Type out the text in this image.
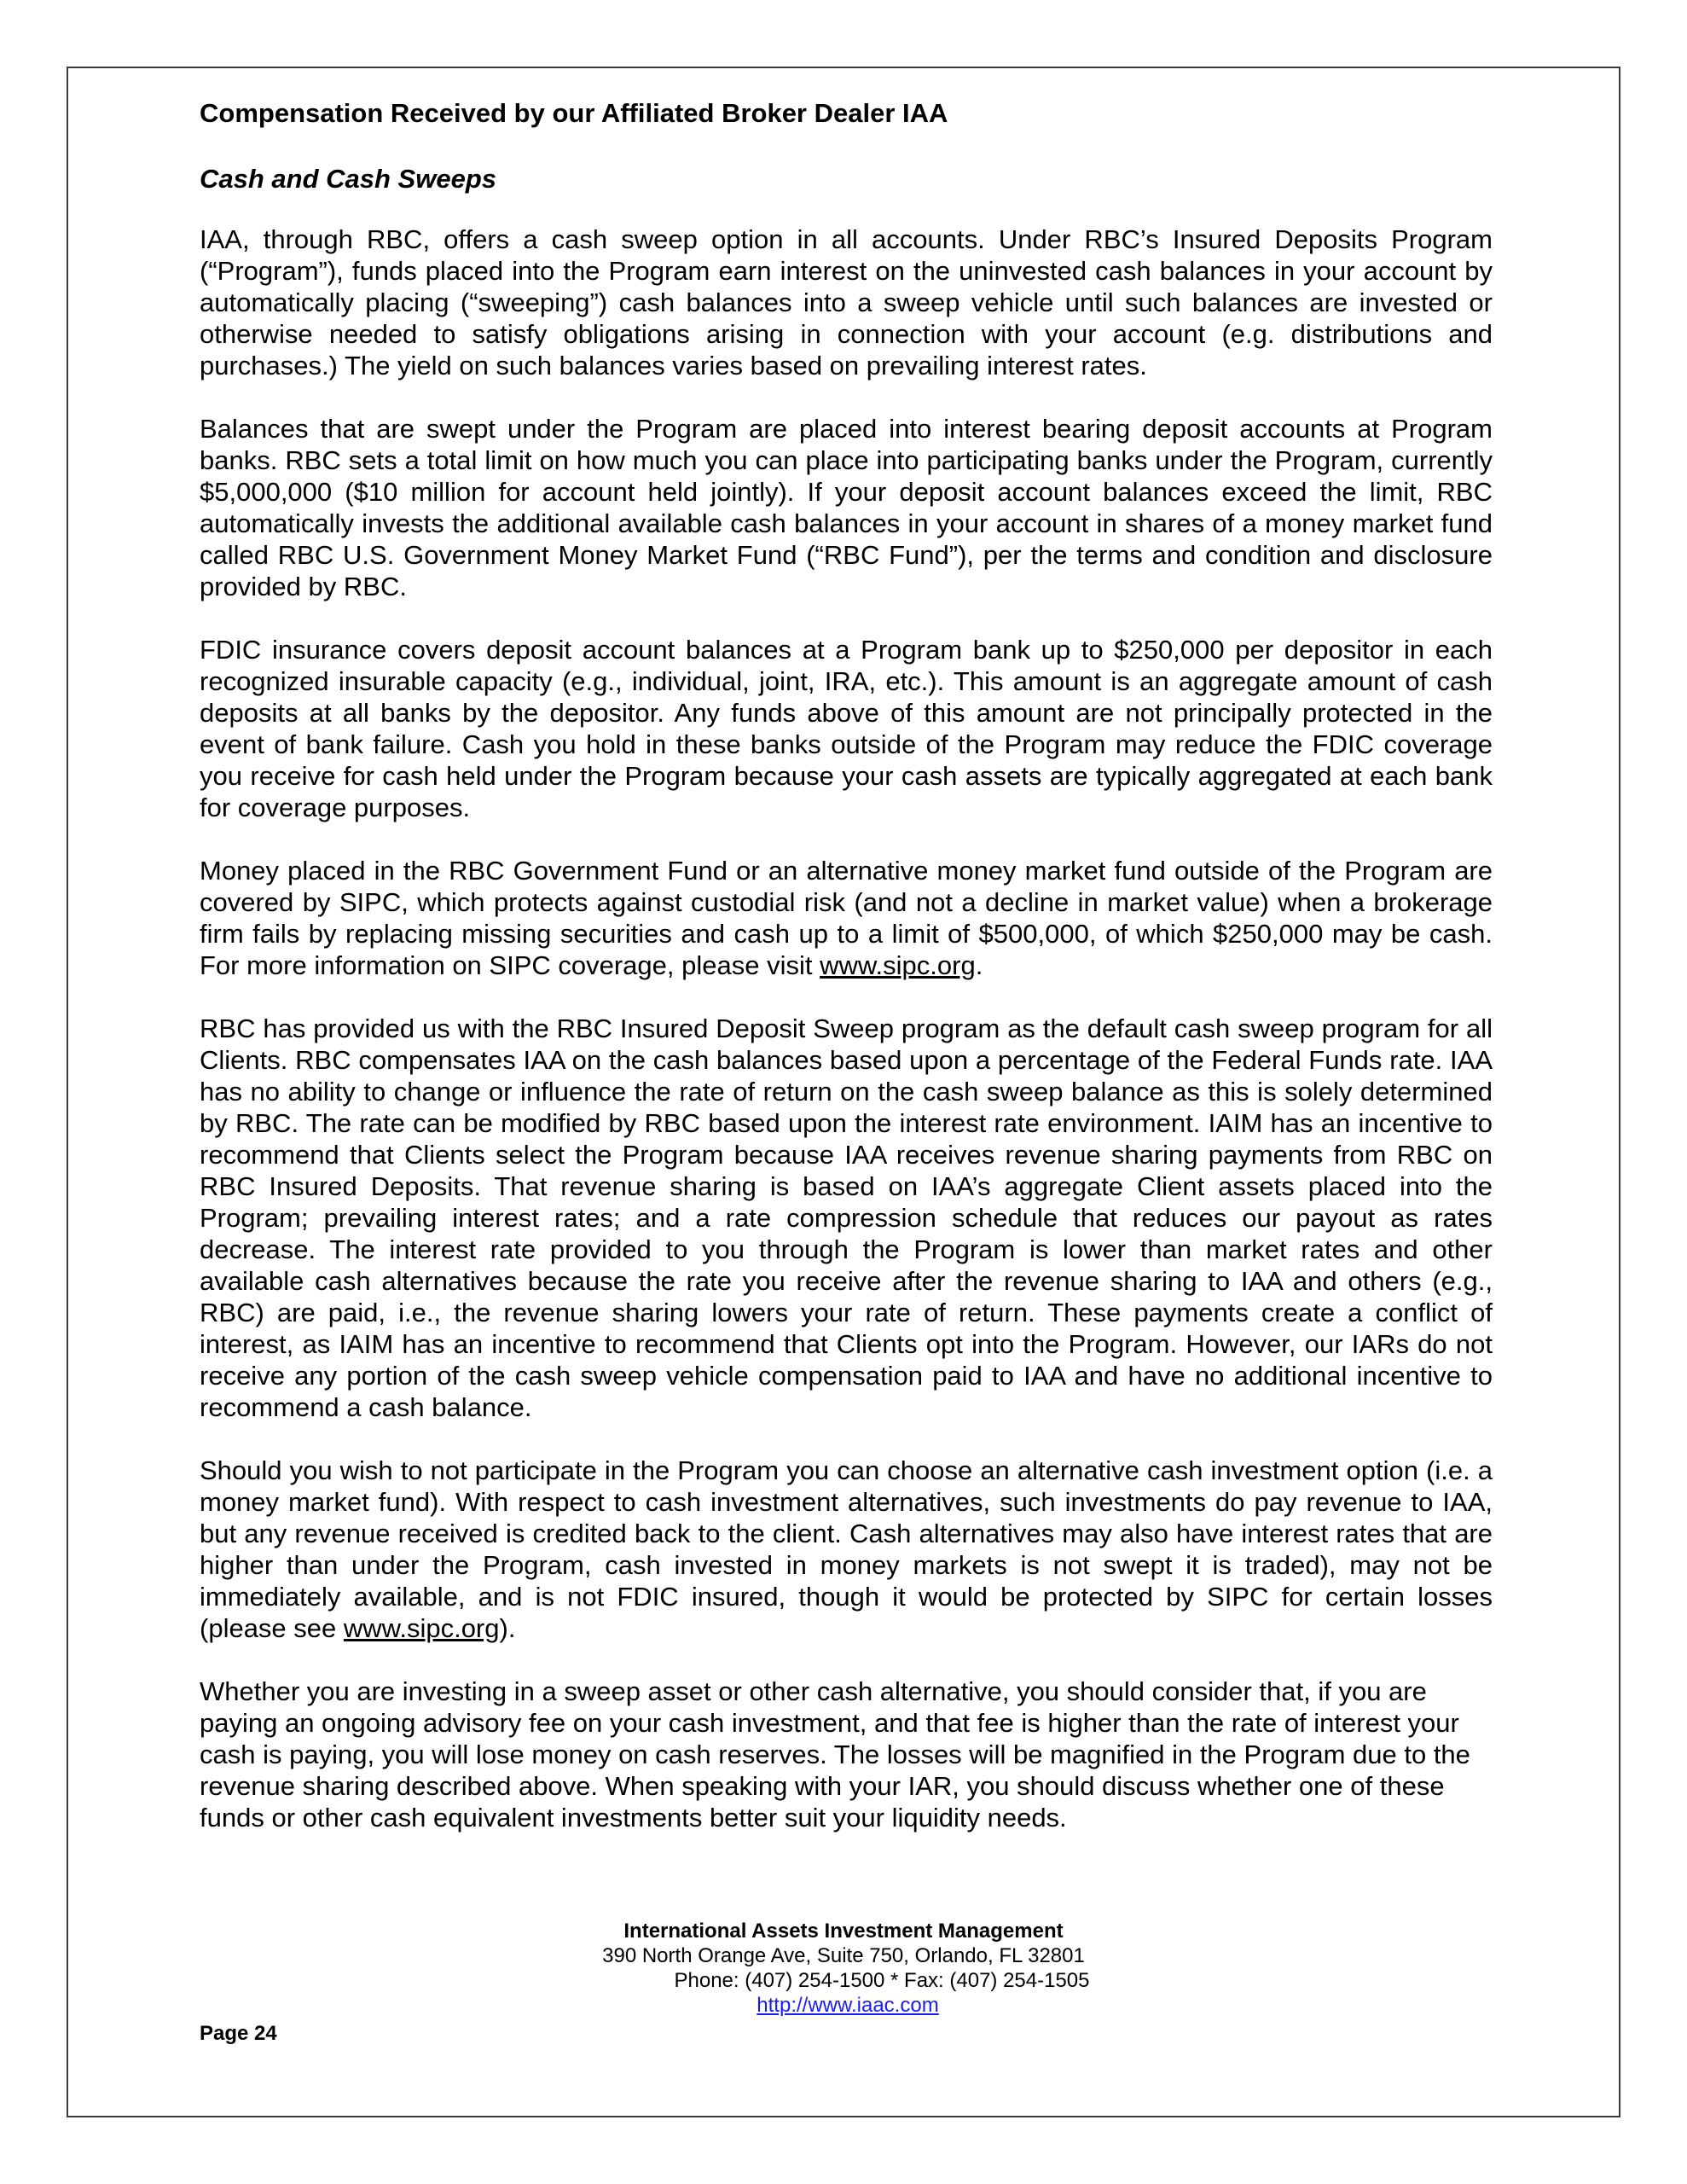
Compensation Received by our Affiliated Broker Dealer IAA
Cash and Cash Sweeps

IAA, through RBC, offers a cash sweep option in all accounts. Under RBC’s Insured Deposits Program (“Program”), funds placed into the Program earn interest on the uninvested cash balances in your account by automatically placing (“sweeping”) cash balances into a sweep vehicle until such balances are invested or otherwise needed to satisfy obligations arising in connection with your account (e.g. distributions and purchases.) The yield on such balances varies based on prevailing interest rates.

Balances that are swept under the Program are placed into interest bearing deposit accounts at Program banks. RBC sets a total limit on how much you can place into participating banks under the Program, currently $5,000,000 ($10 million for account held jointly). If your deposit account balances exceed the limit, RBC automatically invests the additional available cash balances in your account in shares of a money market fund called RBC U.S. Government Money Market Fund (“RBC Fund”), per the terms and condition and disclosure provided by RBC.

FDIC insurance covers deposit account balances at a Program bank up to $250,000 per depositor in each recognized insurable capacity (e.g., individual, joint, IRA, etc.). This amount is an aggregate amount of cash deposits at all banks by the depositor. Any funds above of this amount are not principally protected in the event of bank failure. Cash you hold in these banks outside of the Program may reduce the FDIC coverage you receive for cash held under the Program because your cash assets are typically aggregated at each bank for coverage purposes.

Money placed in the RBC Government Fund or an alternative money market fund outside of the Program are covered by SIPC, which protects against custodial risk (and not a decline in market value) when a brokerage firm fails by replacing missing securities and cash up to a limit of $500,000, of which $250,000 may be cash. For more information on SIPC coverage, please visit www.sipc.org.

RBC has provided us with the RBC Insured Deposit Sweep program as the default cash sweep program for all Clients. RBC compensates IAA on the cash balances based upon a percentage of the Federal Funds rate. IAA has no ability to change or influence the rate of return on the cash sweep balance as this is solely determined by RBC. The rate can be modified by RBC based upon the interest rate environment. IAIM has an incentive to recommend that Clients select the Program because IAA receives revenue sharing payments from RBC on RBC Insured Deposits. That revenue sharing is based on IAA’s aggregate Client assets placed into the Program; prevailing interest rates; and a rate compression schedule that reduces our payout as rates decrease. The interest rate provided to you through the Program is lower than market rates and other available cash alternatives because the rate you receive after the revenue sharing to IAA and others (e.g., RBC) are paid, i.e., the revenue sharing lowers your rate of return. These payments create a conflict of interest, as IAIM has an incentive to recommend that Clients opt into the Program. However, our IARs do not receive any portion of the cash sweep vehicle compensation paid to IAA and have no additional incentive to recommend a cash balance.

Should you wish to not participate in the Program you can choose an alternative cash investment option (i.e. a money market fund). With respect to cash investment alternatives, such investments do pay revenue to IAA, but any revenue received is credited back to the client. Cash alternatives may also have interest rates that are higher than under the Program, cash invested in money markets is not swept it is traded), may not be immediately available, and is not FDIC insured, though it would be protected by SIPC for certain losses (please see www.sipc.org).

Whether you are investing in a sweep asset or other cash alternative, you should consider that, if you are paying an ongoing advisory fee on your cash investment, and that fee is higher than the rate of interest your cash is paying, you will lose money on cash reserves. The losses will be magnified in the Program due to the revenue sharing described above. When speaking with your IAR, you should discuss whether one of these funds or other cash equivalent investments better suit your liquidity needs.

International Assets Investment Management
390 North Orange Ave, Suite 750, Orlando, FL 32801
Phone: (407) 254-1500 * Fax: (407) 254-1505
http://www.iaac.com
Page 24
